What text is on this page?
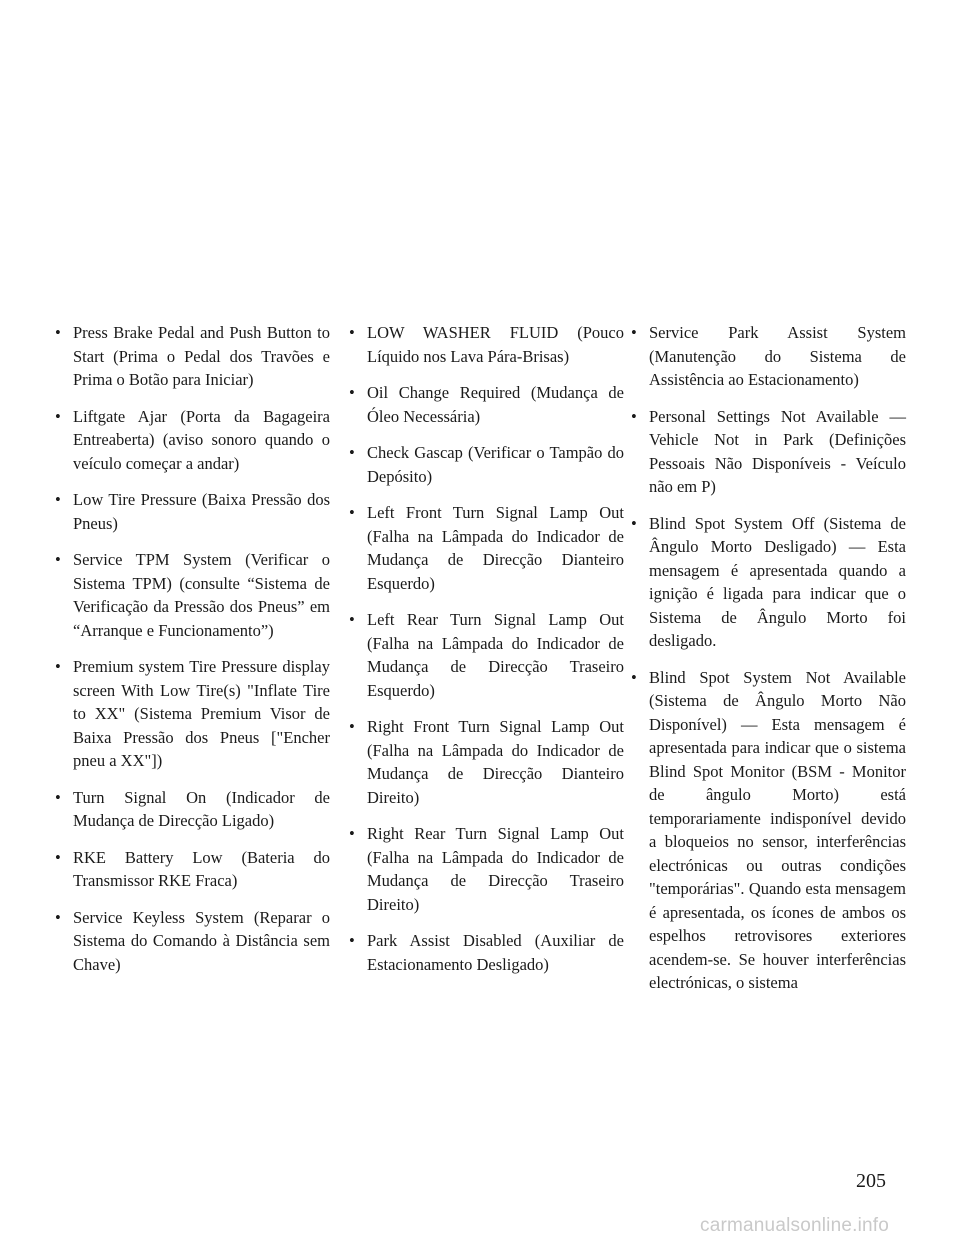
• Press Brake Pedal and Push Button to Start (Prima o Pedal dos Travões e Prima o Botão para Iniciar)
• Liftgate Ajar (Porta da Bagageira Entreaberta) (aviso sonoro quando o veículo começar a andar)
• Low Tire Pressure (Baixa Pressão dos Pneus)
• Service TPM System (Verificar o Sistema TPM) (consulte “Sistema de Verificação da Pressão dos Pneus” em “Arranque e Funcionamento”)
• Premium system Tire Pressure display screen With Low Tire(s) "Inflate Tire to XX" (Sistema Premium Visor de Baixa Pressão dos Pneus ["Encher pneu a XX"])
• Turn Signal On (Indicador de Mudança de Direcção Ligado)
• RKE Battery Low (Bateria do Transmissor RKE Fraca)
• Service Keyless System (Reparar o Sistema do Comando à Distância sem Chave)
• LOW WASHER FLUID (Pouco Líquido nos Lava Pára-Brisas)
• Oil Change Required (Mudança de Óleo Necessária)
• Check Gascap (Verificar o Tampão do Depósito)
• Left Front Turn Signal Lamp Out (Falha na Lâmpada do Indicador de Mudança de Direcção Dianteiro Esquerdo)
• Left Rear Turn Signal Lamp Out (Falha na Lâmpada do Indicador de Mudança de Direcção Traseiro Esquerdo)
• Right Front Turn Signal Lamp Out (Falha na Lâmpada do Indicador de Mudança de Direcção Dianteiro Direito)
• Right Rear Turn Signal Lamp Out (Falha na Lâmpada do Indicador de Mudança de Direcção Traseiro Direito)
• Park Assist Disabled (Auxiliar de Estacionamento Desligado)
• Service Park Assist System (Manutenção do Sistema de Assistência ao Estacionamento)
• Personal Settings Not Available — Vehicle Not in Park (Definições Pessoais Não Disponíveis - Veículo não em P)
• Blind Spot System Off (Sistema de Ângulo Morto Desligado) — Esta mensagem é apresentada quando a ignição é ligada para indicar que o Sistema de Ângulo Morto foi desligado.
• Blind Spot System Not Available (Sistema de Ângulo Morto Não Disponível) — Esta mensagem é apresentada para indicar que o sistema Blind Spot Monitor (BSM - Monitor de ângulo Morto) está temporariamente indisponível devido a bloqueios no sensor, interferências electrónicas ou outras condições "temporárias". Quando esta mensagem é apresentada, os ícones de ambos os espelhos retrovisores exteriores acendem-se. Se houver interferências electrónicas, o sistema
205
carmanualsonline.info
